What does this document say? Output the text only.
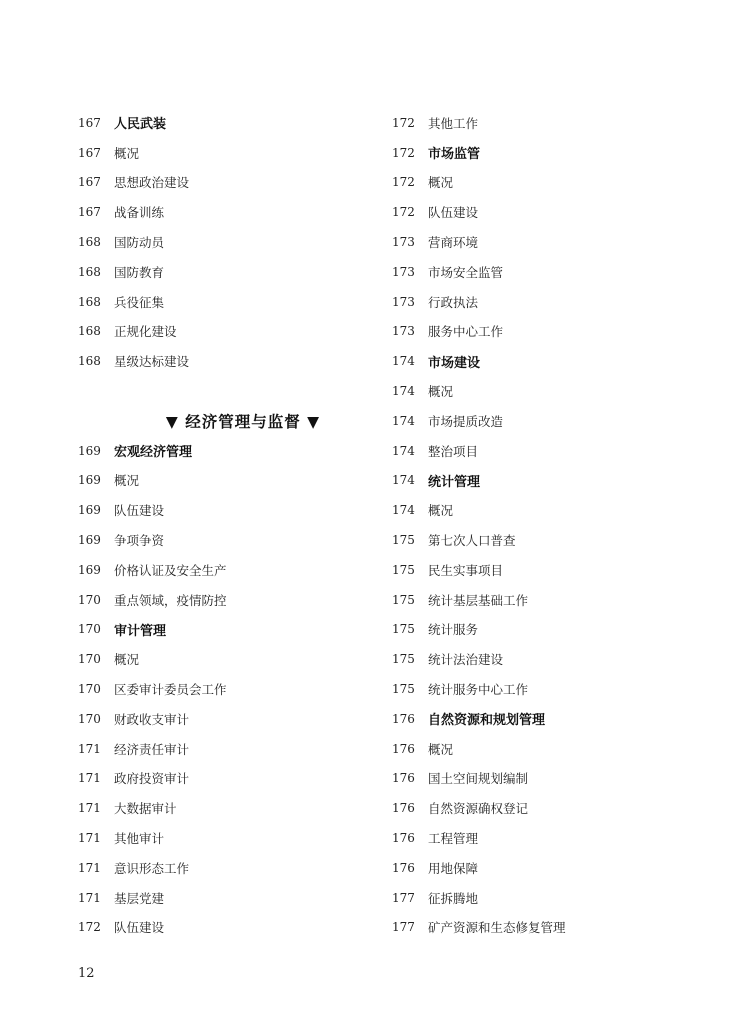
167	人民武装
167	概况
167	思想政治建设
167	战备训练
168	国防动员
168	国防教育
168	兵役征集
168	正规化建设
168	星级达标建设
▼ 经济管理与监督 ▼
169	宏观经济管理
169	概况
169	队伍建设
169	争项争资
169	价格认证及安全生产
170	重点领域，疫情防控
170	审计管理
170	概况
170	区委审计委员会工作
170	财政收支审计
171	经济责任审计
171	政府投资审计
171	大数据审计
171	其他审计
171	意识形态工作
171	基层党建
172	队伍建设
172	其他工作
172	市场监管
172	概况
172	队伍建设
173	营商环境
173	市场安全监管
173	行政执法
173	服务中心工作
174	市场建设
174	概况
174	市场提质改造
174	整治项目
174	统计管理
174	概况
175	第七次人口普查
175	民生实事项目
175	统计基层基础工作
175	统计服务
175	统计法治建设
175	统计服务中心工作
176	自然资源和规划管理
176	概况
176	国土空间规划编制
176	自然资源确权登记
176	工程管理
176	用地保障
177	征拆腾地
177	矿产资源和生态修复管理
12
